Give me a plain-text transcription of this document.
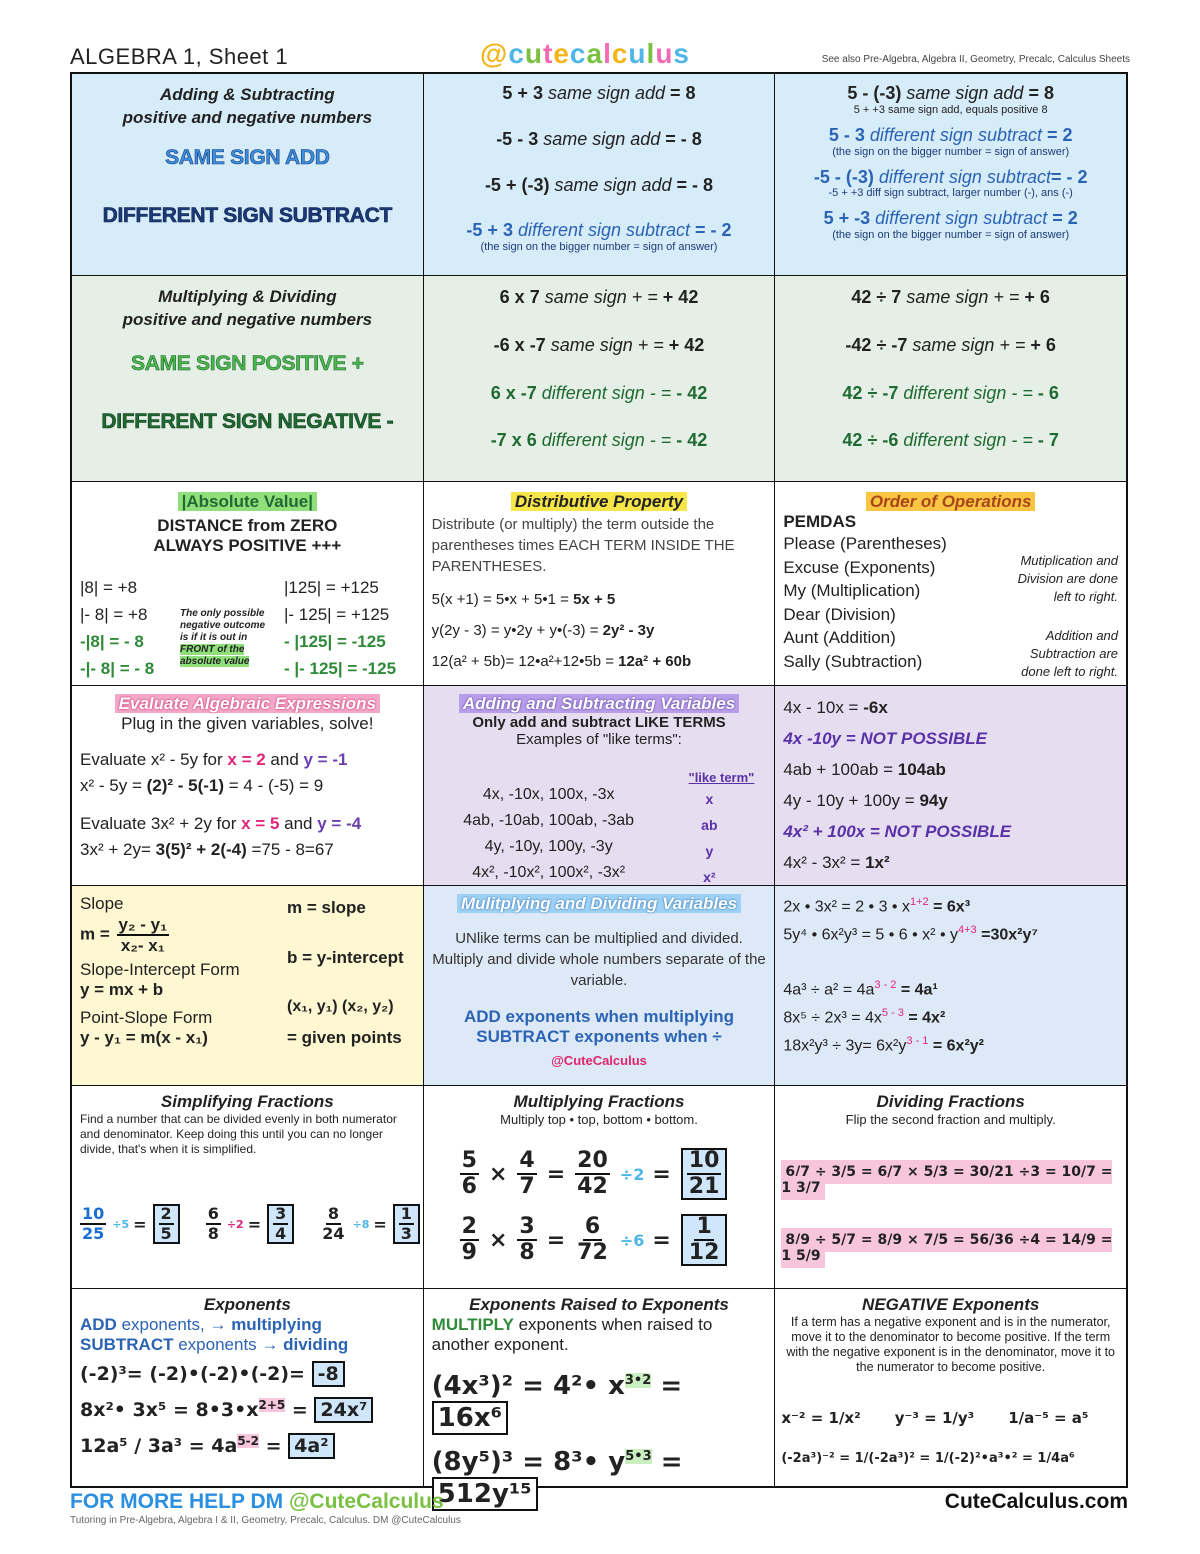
ALGEBRA 1, Sheet 1	@cutecalculus	See also Pre-Algebra, Algebra II, Geometry, Precalc, Calculus Sheets
Adding & Subtracting
positive and negative numbers
SAME SIGN ADD
DIFFERENT SIGN SUBTRACT
5 + 3 same sign add = 8
-5 - 3 same sign add = - 8
-5 + (-3) same sign add = - 8
-5 + 3 different sign subtract = - 2
(the sign on the bigger number = sign of answer)
5 - (-3) same sign add = 8
5 + +3 same sign add, equals positive 8
5 - 3 different sign subtract = 2
(the sign on the bigger number = sign of answer)
-5 - (-3) different sign subtract= - 2
-5 + +3 diff sign subtract, larger number (-), ans (-)
5 + -3 different sign subtract = 2
(the sign on the bigger number = sign of answer)
Multiplying & Dividing
positive and negative numbers
SAME SIGN POSITIVE +
DIFFERENT SIGN NEGATIVE -
6 x 7 same sign + = + 42
-6 x -7 same sign + = + 42
6 x -7 different sign - = - 42
-7 x 6 different sign - = - 42
42 ÷ 7 same sign + = + 6
-42 ÷ -7 same sign + = + 6
42 ÷ -7 different sign - = - 6
42 ÷ -6 different sign - = - 7
|Absolute Value|
DISTANCE from ZERO
ALWAYS POSITIVE +++
|8| = +8
|- 8| = +8
-|8| = - 8
-|- 8| = - 8
The only possible negative outcome is if it is out in FRONT of the absolute value
|125| = +125
|- 125| = +125
- |125| = -125
- |- 125| = -125
Distributive Property
Distribute (or multiply) the term outside the parentheses times EACH TERM INSIDE THE PARENTHESES.
5(x +1) = 5•x + 5•1 = 5x + 5
y(2y - 3) = y•2y + y•(-3) = 2y² - 3y
12(a² + 5b)= 12•a²+12•5b = 12a² + 60b
Order of Operations
PEMDAS
Please (Parentheses)
Excuse (Exponents)
My (Multiplication)
Dear (Division)
Aunt (Addition)
Sally (Subtraction)
Mutiplication and
Division are done
left to right.
Addition and
Subtraction are
done left to right.
Evaluate Algebraic Expressions
Plug in the given variables, solve!
Evaluate x² - 5y for x = 2 and y = -1
x² - 5y = (2)² - 5(-1) = 4 - (-5) = 9
Evaluate 3x² + 2y for x = 5 and y = -4
3x² + 2y= 3(5)² + 2(-4) =75 - 8=67
Adding and Subtracting Variables
Only add and subtract LIKE TERMS
Examples of "like terms":
"like term"
4x, -10x, 100x, -3x
4ab, -10ab, 100ab, -3ab
4y, -10y, 100y, -3y
4x², -10x², 100x², -3x²
x
ab
y
x²
4x - 10x = -6x
4x -10y = NOT POSSIBLE
4ab + 100ab = 104ab
4y - 10y + 100y = 94y
4x² + 100x = NOT POSSIBLE
4x² - 3x² = 1x²
Slope
$m = \frac{\text{y₂ - y₁}}{\text{x₂- x₁}}$
Slope-Intercept Form
y = mx + b
Point-Slope Form
y - y₁ = m(x - x₁)
m = slope
b = y-intercept
(x₁, y₁) (x₂, y₂)
= given points
Mulitplying and Dividing Variables
UNlike terms can be multiplied and divided. Multiply and divide whole numbers separate of the variable.
ADD exponents when multiplying
SUBTRACT exponents when ÷
@CuteCalculus
2x • 3x² = 2 • 3 • $x^{1+2} = 6x^3$
5y⁴ • 6x²y³ = 5 • 6 • x² • $y^{4+3} =30x^2y^7$
$4a^3 \div a^2 = 4a^{3 - 2} = 4a^1$
$8x^5 \div 2x^3 = 4x^{5 - 3} = 4x^2$
$18x^2y^3 \div 3y= 6x^2y^{3 - 1} = 6x^2y^2$
Simplifying Fractions
Find a number that can be divided evenly in both numerator and denominator. Keep doing this until you can no longer divide, that's when it is simplified.
$\frac{10}{25} \div 5 = \frac{2}{5} \frac{6}{8} \div 2 = \frac{3}{4} \frac{8}{24} \div 8 = \frac{1}{3}$
Multiplying Fractions
Multiply top • top, bottom • bottom.
$\frac{5}{6} \times \frac{4}{7} = \frac{20}{42} \div 2 = \frac{10}{21}$
$\frac{2}{9} \times \frac{3}{8} = \frac{6}{72} \div 6 = \frac{1}{12}$
Dividing Fractions
Flip the second fraction and multiply.
6/7 ÷ 3/5 = 6/7 × 5/3 = 30/21 ÷3 = 10/7 = 1 3/7
8/9 ÷ 5/7 = 8/9 × 7/5 = 56/36 ÷4 = 14/9 = 1 5/9
Exponents
ADD exponents, → multiplying
SUBTRACT exponents → dividing
(-2)³= (-2)•(-2)•(-2)= -8
8x²• $3x^5 = 8•3•x^{2+5} = 24x^7$
$12a^5 / 3a^3 = 4a^{5-2} = 4a^2$
Exponents Raised to Exponents
MULTIPLY exponents when raised to another exponent.
(4x³)² = 4²• $x^{3•2} = 16x^6$
(8y⁵)³ = 8³• $y^{5•3} = 512y^{15}$
NEGATIVE Exponents
If a term has a negative exponent and is in the numerator, move it to the denominator to become positive. If the term with the negative exponent is in the denominator, move it to the numerator to become positive.
x⁻² = 1/x² y⁻³ = 1/y³ 1/a⁻⁵ = a⁵
(-2a³)⁻² = 1/(-2a³)² = 1/(-2)²•a³•² = 1/4a⁶
FOR MORE HELP DM @CuteCalculus
Tutoring in Pre-Algebra, Algebra I & II, Geometry, Precalc, Calculus. DM @CuteCalculus
CuteCalculus.com
